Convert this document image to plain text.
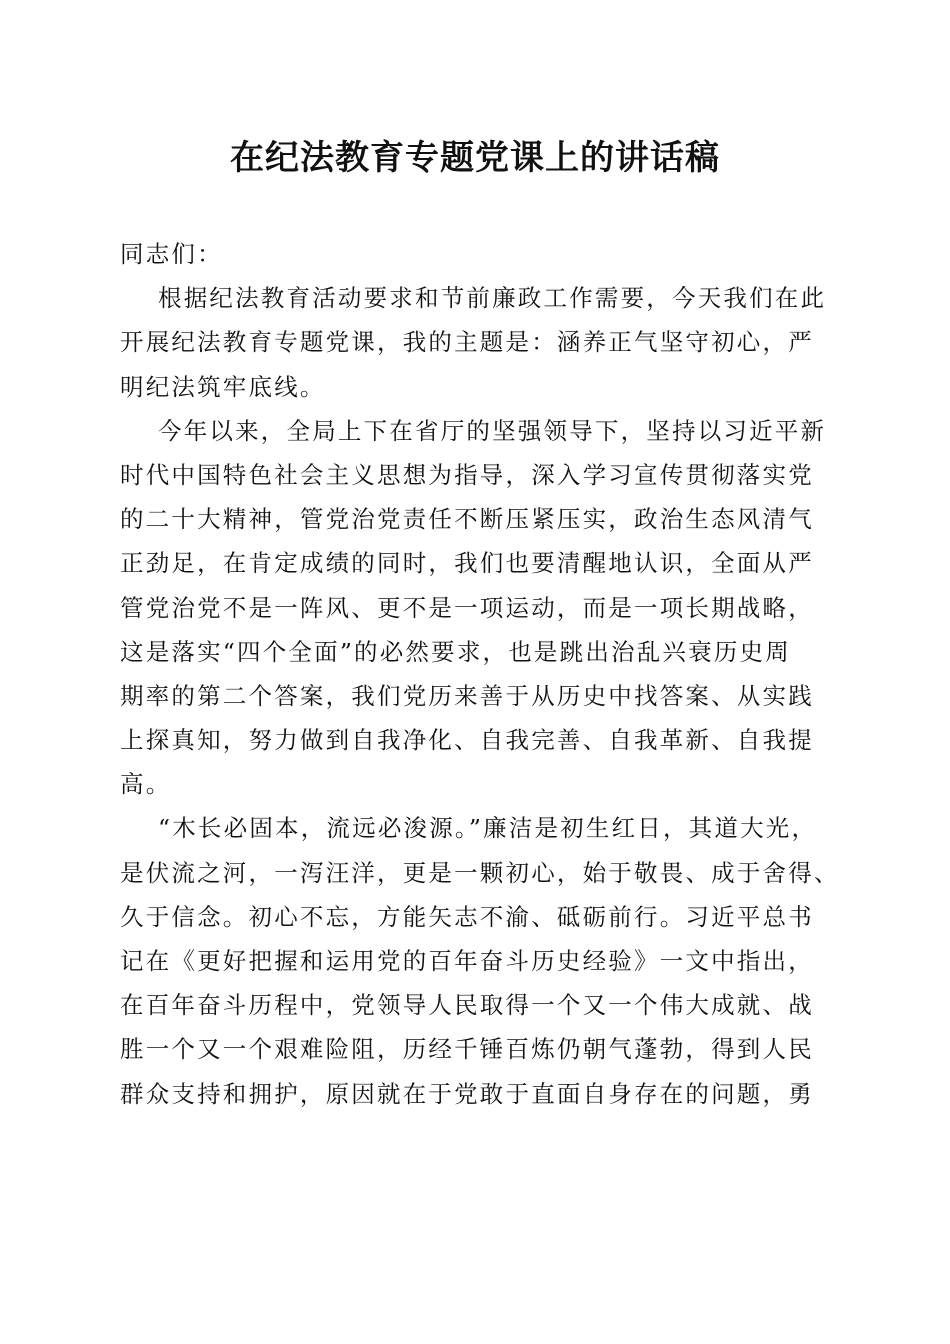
在纪法教育专题党课上的讲话稿
同志们：
根据纪法教育活动要求和节前廉政工作需要，今天我们在此
开展纪法教育专题党课，我的主题是：涵养正气坚守初心，严
明纪法筑牢底线。
今年以来，全局上下在省厅的坚强领导下，坚持以习近平新
时代中国特色社会主义思想为指导，深入学习宣传贯彻落实党
的二十大精神，管党治党责任不断压紧压实，政治生态风清气
正劲足，在肯定成绩的同时，我们也要清醒地认识，全面从严
管党治党不是一阵风、更不是一项运动，而是一项长期战略，
这是落实“四个全面”的必然要求，也是跳出治乱兴衰历史周
期率的第二个答案，我们党历来善于从历史中找答案、从实践
上探真知，努力做到自我净化、自我完善、自我革新、自我提
高。
“木长必固本，流远必浚源。”廉洁是初生红日，其道大光，
是伏流之河，一泻汪洋，更是一颗初心，始于敬畏、成于舍得、
久于信念。初心不忘，方能矢志不渝、砥砺前行。习近平总书
记在《更好把握和运用党的百年奋斗历史经验》一文中指出，
在百年奋斗历程中，党领导人民取得一个又一个伟大成就、战
胜一个又一个艰难险阻，历经千锤百炼仍朝气蓬勃，得到人民
群众支持和拥护，原因就在于党敢于直面自身存在的问题，勇
